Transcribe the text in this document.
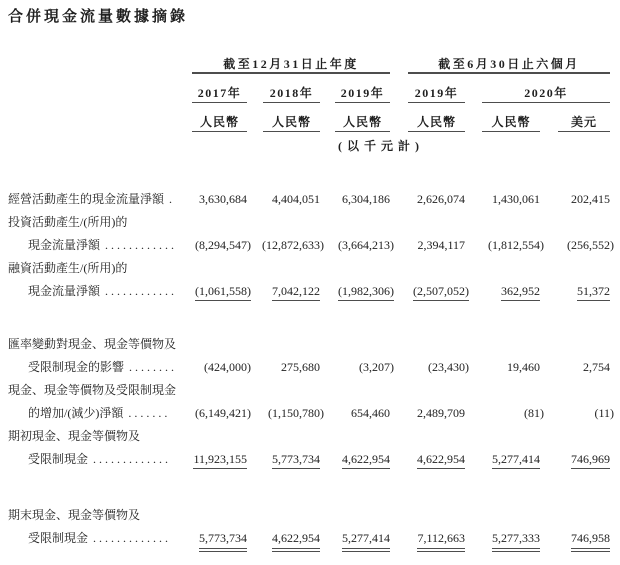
合併現金流量數據摘錄
截至12月31日止年度	截至6月30日止六個月
2017年	2018年	2019年	2019年	2020年
人民幣	人民幣	人民幣	人民幣	人民幣	美元
(以千元計)
經營活動產生的現金流量淨額 .	3,630,684	4,404,051	6,304,186	2,626,074	1,430,061	202,415
投資活動產生/(所用)的
現金流量淨額 ............	(8,294,547) (12,872,633)	(3,664,213)	2,394,117	(1,812,554)	(256,552)
融資活動產生/(所用)的
現金流量淨額 ............	(1,061,558)	7,042,122	(1,982,306)	(2,507,052)	362,952	51,372
匯率變動對現金、現金等價物及
受限制現金的影響 ........	(424,000)	275,680	(3,207)	(23,430)	19,460	2,754
現金、現金等價物及受限制現金
的增加/(減少)淨額 .......	(6,149,421)	(1,150,780)	654,460	2,489,709	(81)	(11)
期初現金、現金等價物及
受限制現金 .............	11,923,155	5,773,734	4,622,954	4,622,954	5,277,414	746,969
期末現金、現金等價物及
受限制現金 .............	5,773,734	4,622,954	5,277,414	7,112,663	5,277,333	746,958
